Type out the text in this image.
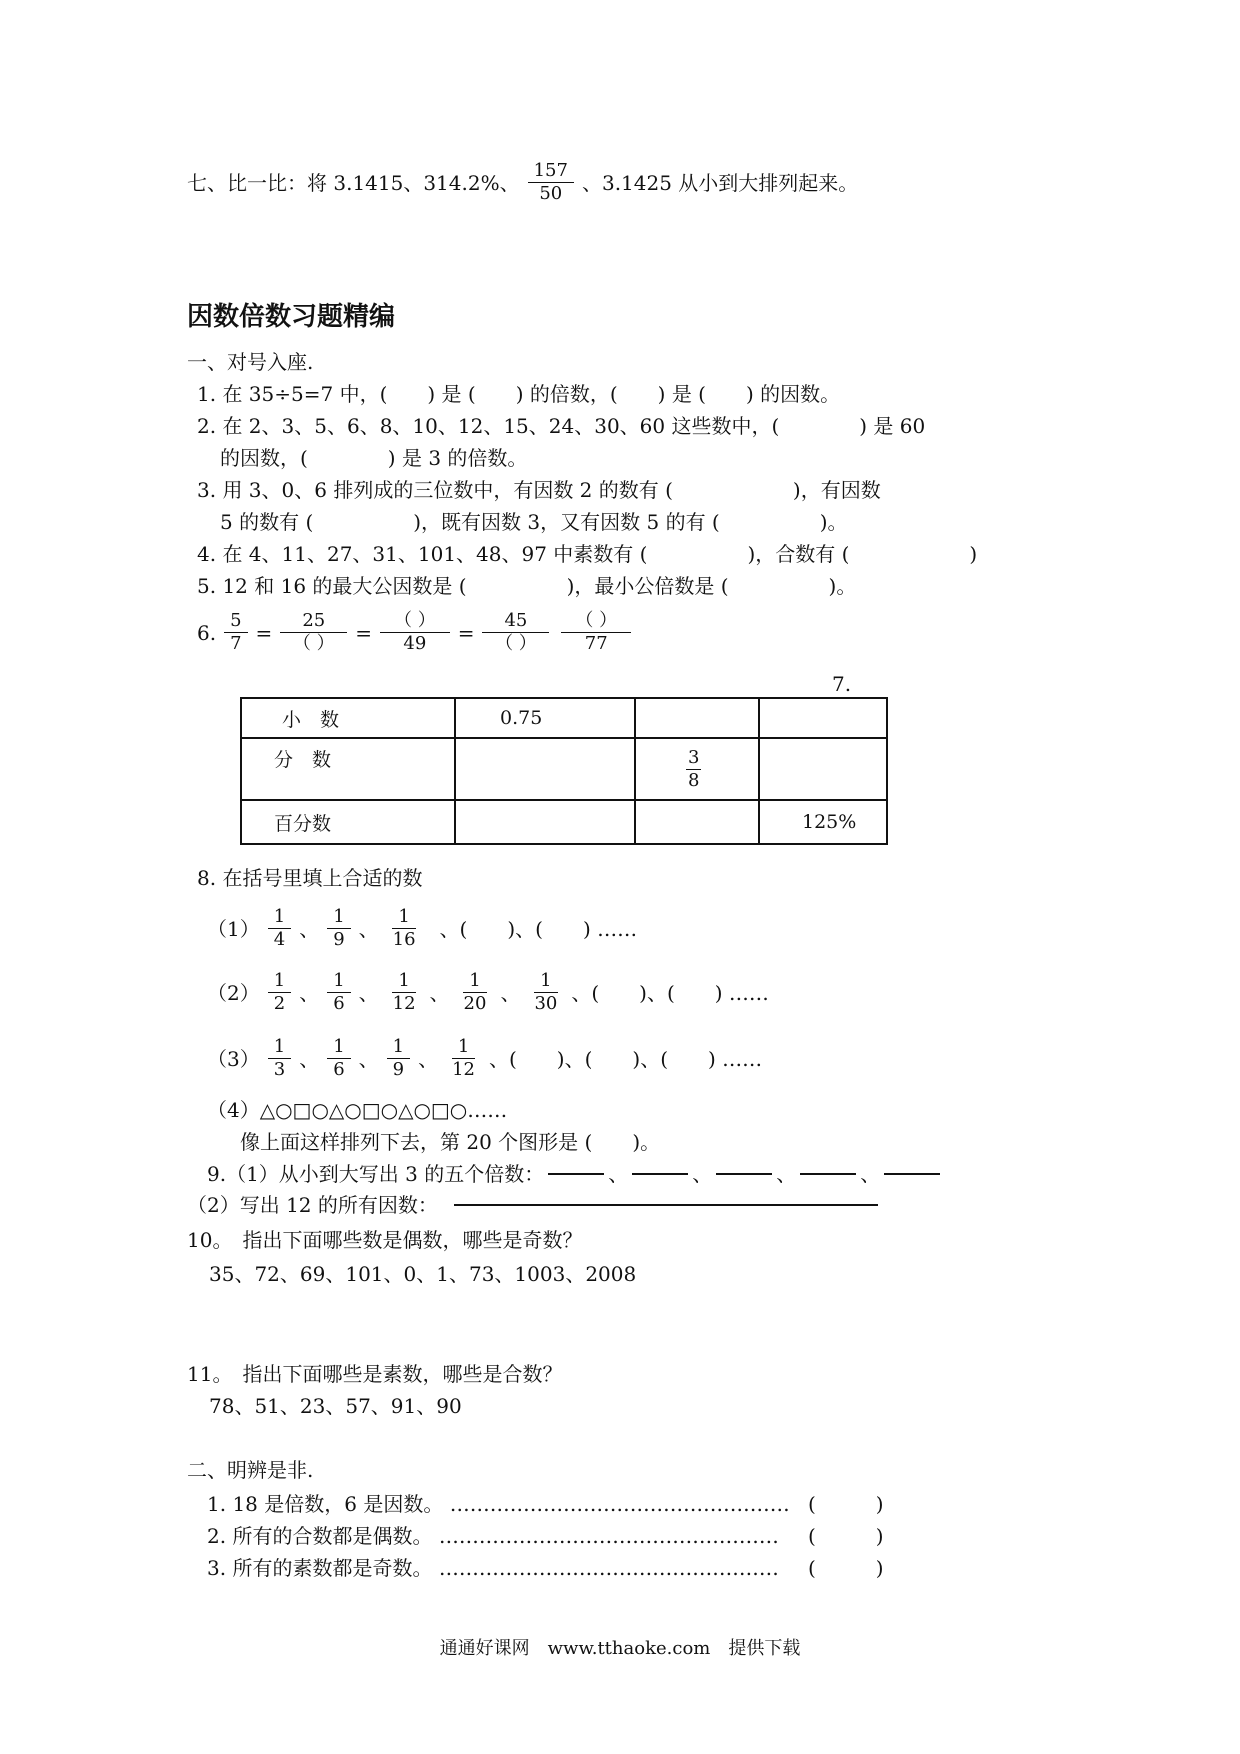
七、比一比：将 3.1415、314.2%、 $\frac{157}{50}$ 、3.1425 从小到大排列起来。
因数倍数习题精编
一、对号入座.
1. 在 35÷5=7 中，(　　) 是 (　　) 的倍数，(　　) 是 (　　) 的因数。
2. 在 2、3、5、6、8、10、12、15、24、30、60 这些数中，(　　　　) 是 60
的因数，(　　　　) 是 3 的倍数。
3. 用 3、0、6 排列成的三位数中，有因数 2 的数有 (　　　　　　)，有因数
5 的数有 (　　　　　)，既有因数 3，又有因数 5 的有 (　　　　　)。
4. 在 4、11、27、31、101、48、97 中素数有 (　　　　　)，合数有 (　　　　　　)
5. 12 和 16 的最大公因数是 (　　　　　)，最小公倍数是 (　　　　　)。
6. $\frac{5}{7} = \frac{25}{( )} = \frac{( )}{49} = \frac{45}{( )} \frac{( )}{77}$
7.
小　数	0.75		
分　数		$\frac{3}{8}$

百分数			125%
8. 在括号里填上合适的数
$(1) \frac{1}{4}$ 、 $\frac{1}{9}$ 、 $\frac{1}{16}$ 、(　　)、(　　) ……
$(2) \frac{1}{2}$ 、 $\frac{1}{6}$ 、 $\frac{1}{12}$ 、 $\frac{1}{20}$ 、 $\frac{1}{30}$ 、(　　)、(　　) ……
$(3) \frac{1}{3}$ 、 $\frac{1}{6}$ 、 $\frac{1}{9}$ 、 $\frac{1}{12}$ 、(　　)、(　　)、(　　) ……
（4）△○□○△○□○△○□○……
像上面这样排列下去，第 20 个图形是 (　　)。
9.（1）从小到大写出 3 的五个倍数：	、	、	、	、
（2）写出 12 的所有因数：
10。　指出下面哪些数是偶数，哪些是奇数？
35、72、69、101、0、1、73、1003、2008
11。　指出下面哪些是素数，哪些是合数？
78、51、23、57、91、90
二、明辨是非.
1. 18 是倍数，6 是因数。 …………………………………………… (　　　)
2. 所有的合数都是偶数。 …………………………………………… (　　　)
3. 所有的素数都是奇数。 …………………………………………… (　　　)
通通好课网　www.tthaoke.com　提供下载
